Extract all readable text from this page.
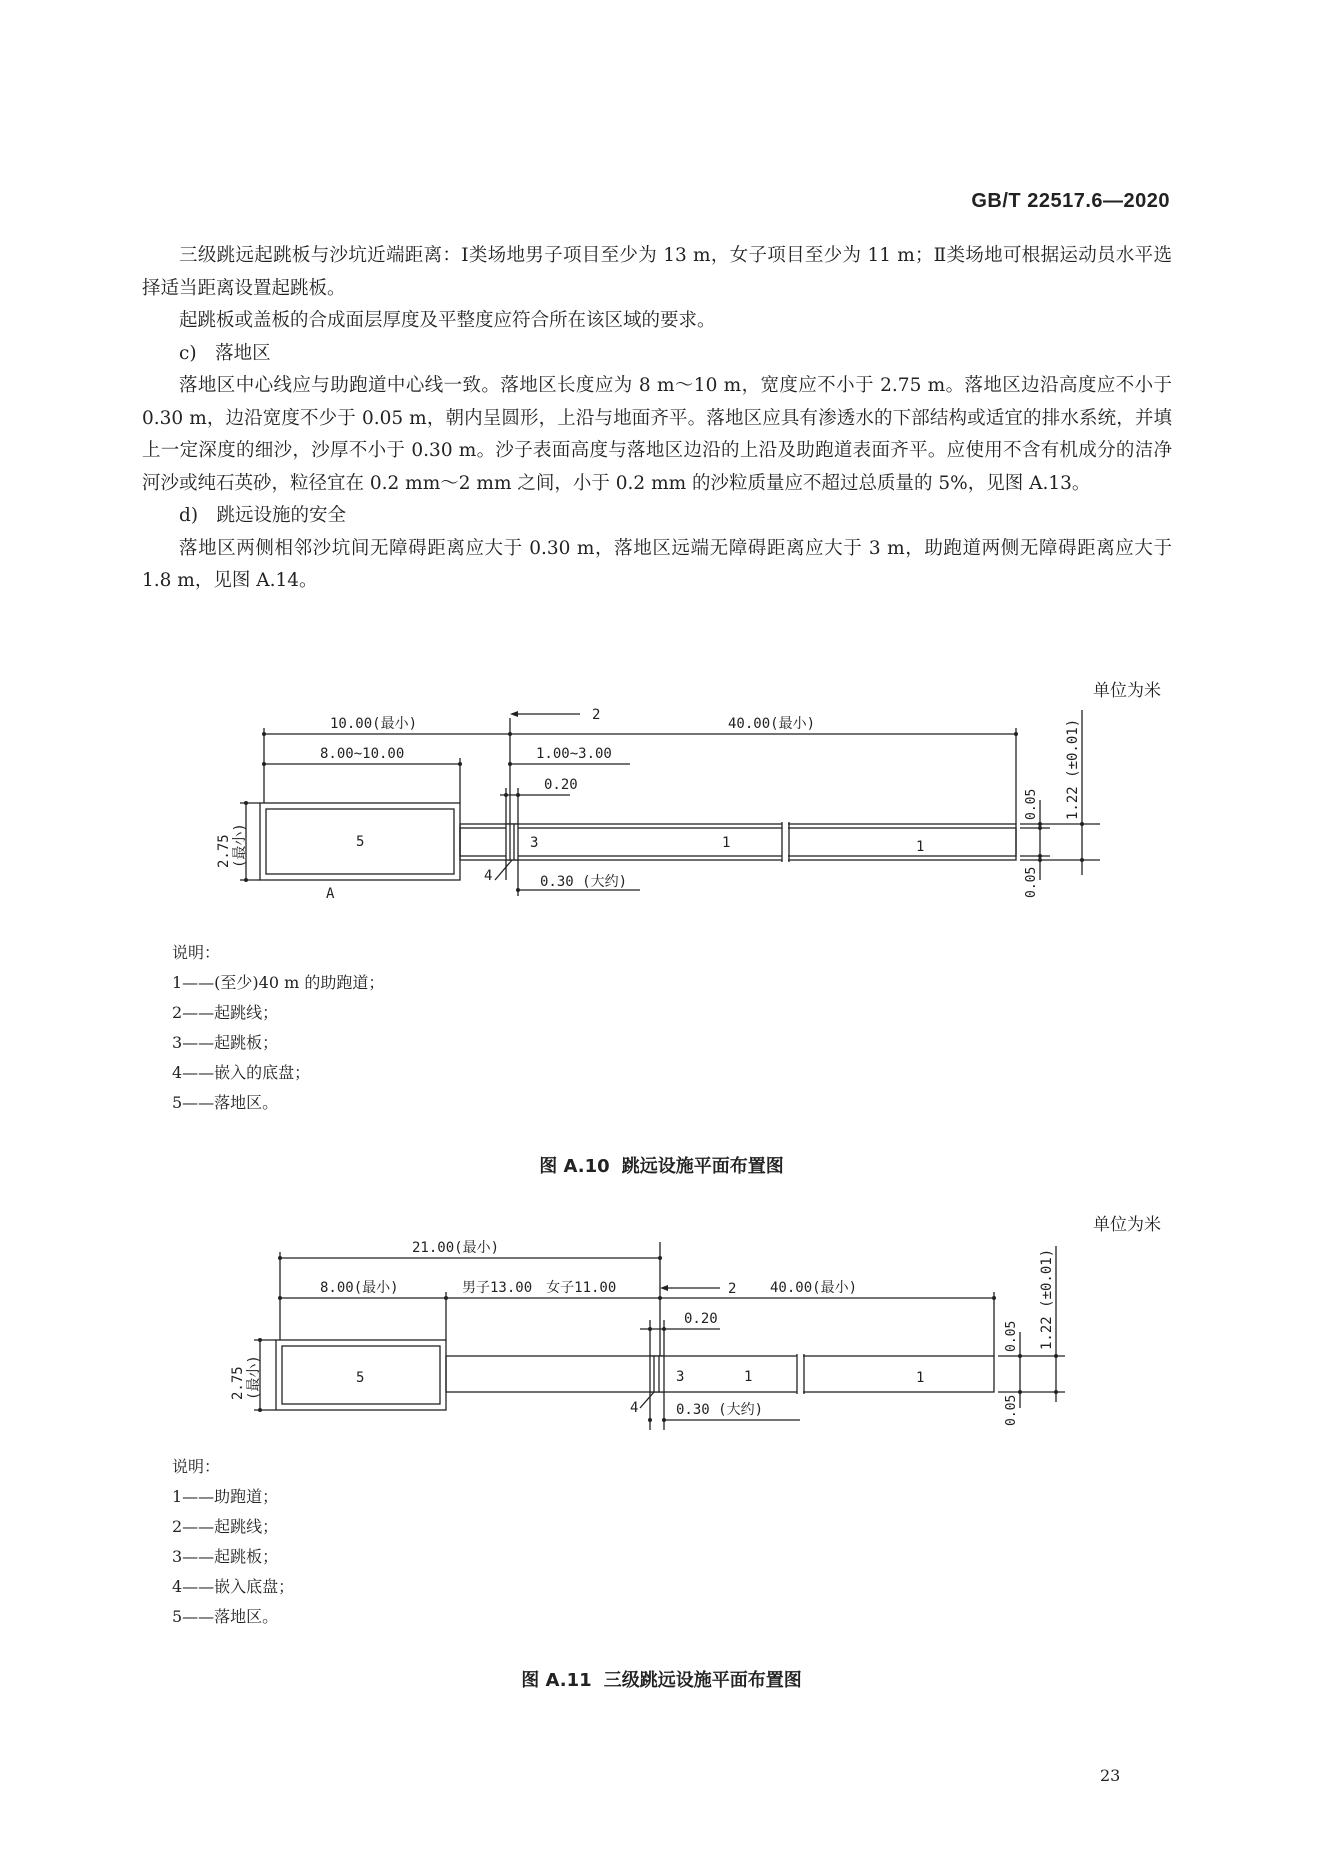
GB/T 22517.6—2020

三级跳远起跳板与沙坑近端距离：Ⅰ类场地男子项目至少为 13 m，女子项目至少为 11 m；Ⅱ类场地可根据运动员水平选择适当距离设置起跳板。

起跳板或盖板的合成面层厚度及平整度应符合所在该区域的要求。

c)　落地区

落地区中心线应与助跑道中心线一致。落地区长度应为 8 m～10 m，宽度应不小于 2.75 m。落地区边沿高度应不小于 0.30 m，边沿宽度不少于 0.05 m，朝内呈圆形，上沿与地面齐平。落地区应具有渗透水的下部结构或适宜的排水系统，并填上一定深度的细沙，沙厚不小于 0.30 m。沙子表面高度与落地区边沿的上沿及助跑道表面齐平。应使用不含有机成分的洁净河沙或纯石英砂，粒径宜在 0.2 mm～2 mm 之间，小于 0.2 mm 的沙粒质量应不超过总质量的 5%，见图 A.13。

d)　跳远设施的安全

落地区两侧相邻沙坑间无障碍距离应大于 0.30 m，落地区远端无障碍距离应大于 3 m，助跑道两侧无障碍距离应大于 1.8 m，见图 A.14。

单位为米
10.00(最小)
8.00~10.00	1.00~3.00
0.20
40.00(最小)
2
5	3	1	1
4
A
0.30 (大约)
2.75 (最小)
0.05
0.05
1.22 (±0.01)
说明：
1——(至少)40 m 的助跑道；
2——起跳线；
3——起跳板；
4——嵌入的底盘；
5——落地区。
图 A.10 跳远设施平面布置图
单位为米
21.00(最小)
8.00(最小)	男子13.00　女子11.00	2 40.00(最小)
0.20
5	3	1	1
4	0.30 (大约)
2.75 (最小)
0.05
0.05
1.22 (±0.01)
说明：
1——助跑道；
2——起跳线；
3——起跳板；
4——嵌入底盘；
5——落地区。
图 A.11 三级跳远设施平面布置图
23
